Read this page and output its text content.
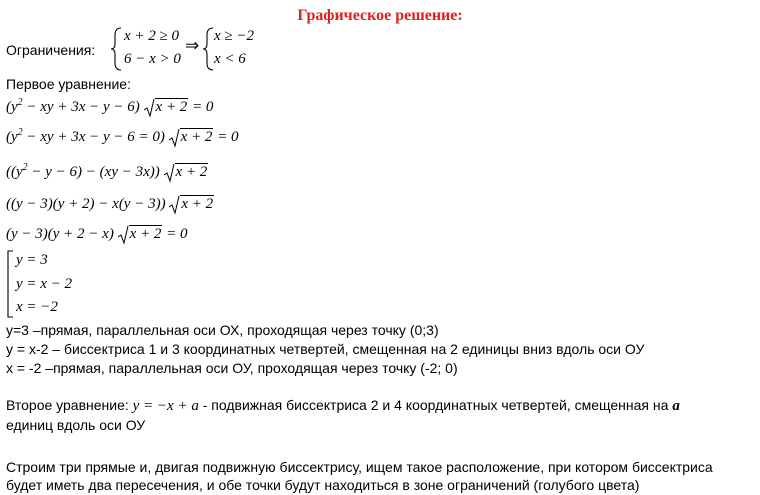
Графическое решение:
Ограничения:
x + 2 ≥ 0
6 − x > 0
⇒ x ≥ −2
x < 6
Первое уравнение:
($y^2$ − xy + 3x − y − 6) x + 2 = 0
($y^2$ − xy + 3x − y − 6 = 0) x + 2 = 0
$((y^2 - y - 6) - (xy - 3x)) x + 2$
((y − 3)(y + 2) − x(y − 3)) x + 2
(y − 3)(y + 2 − x) x + 2 = 0
y = 3
y = x − 2
x = −2
y=3 –прямая, параллельная оси ОХ, проходящая через точку (0;3)
y = x-2 – биссектриса 1 и 3 координатных четвертей, смещенная на 2 единицы вниз вдоль оси ОУ
x = -2 –прямая, параллельная оси ОУ, проходящая через точку (-2; 0)
Второе уравнение: y = −x + a - подвижная биссектриса 2 и 4 координатных четвертей, смещенная на a
единиц вдоль оси ОУ
Строим три прямые и, двигая подвижную биссектрису, ищем такое расположение, при котором биссектриса
будет иметь два пересечения, и обе точки будут находиться в зоне ограничений (голубого цвета)
